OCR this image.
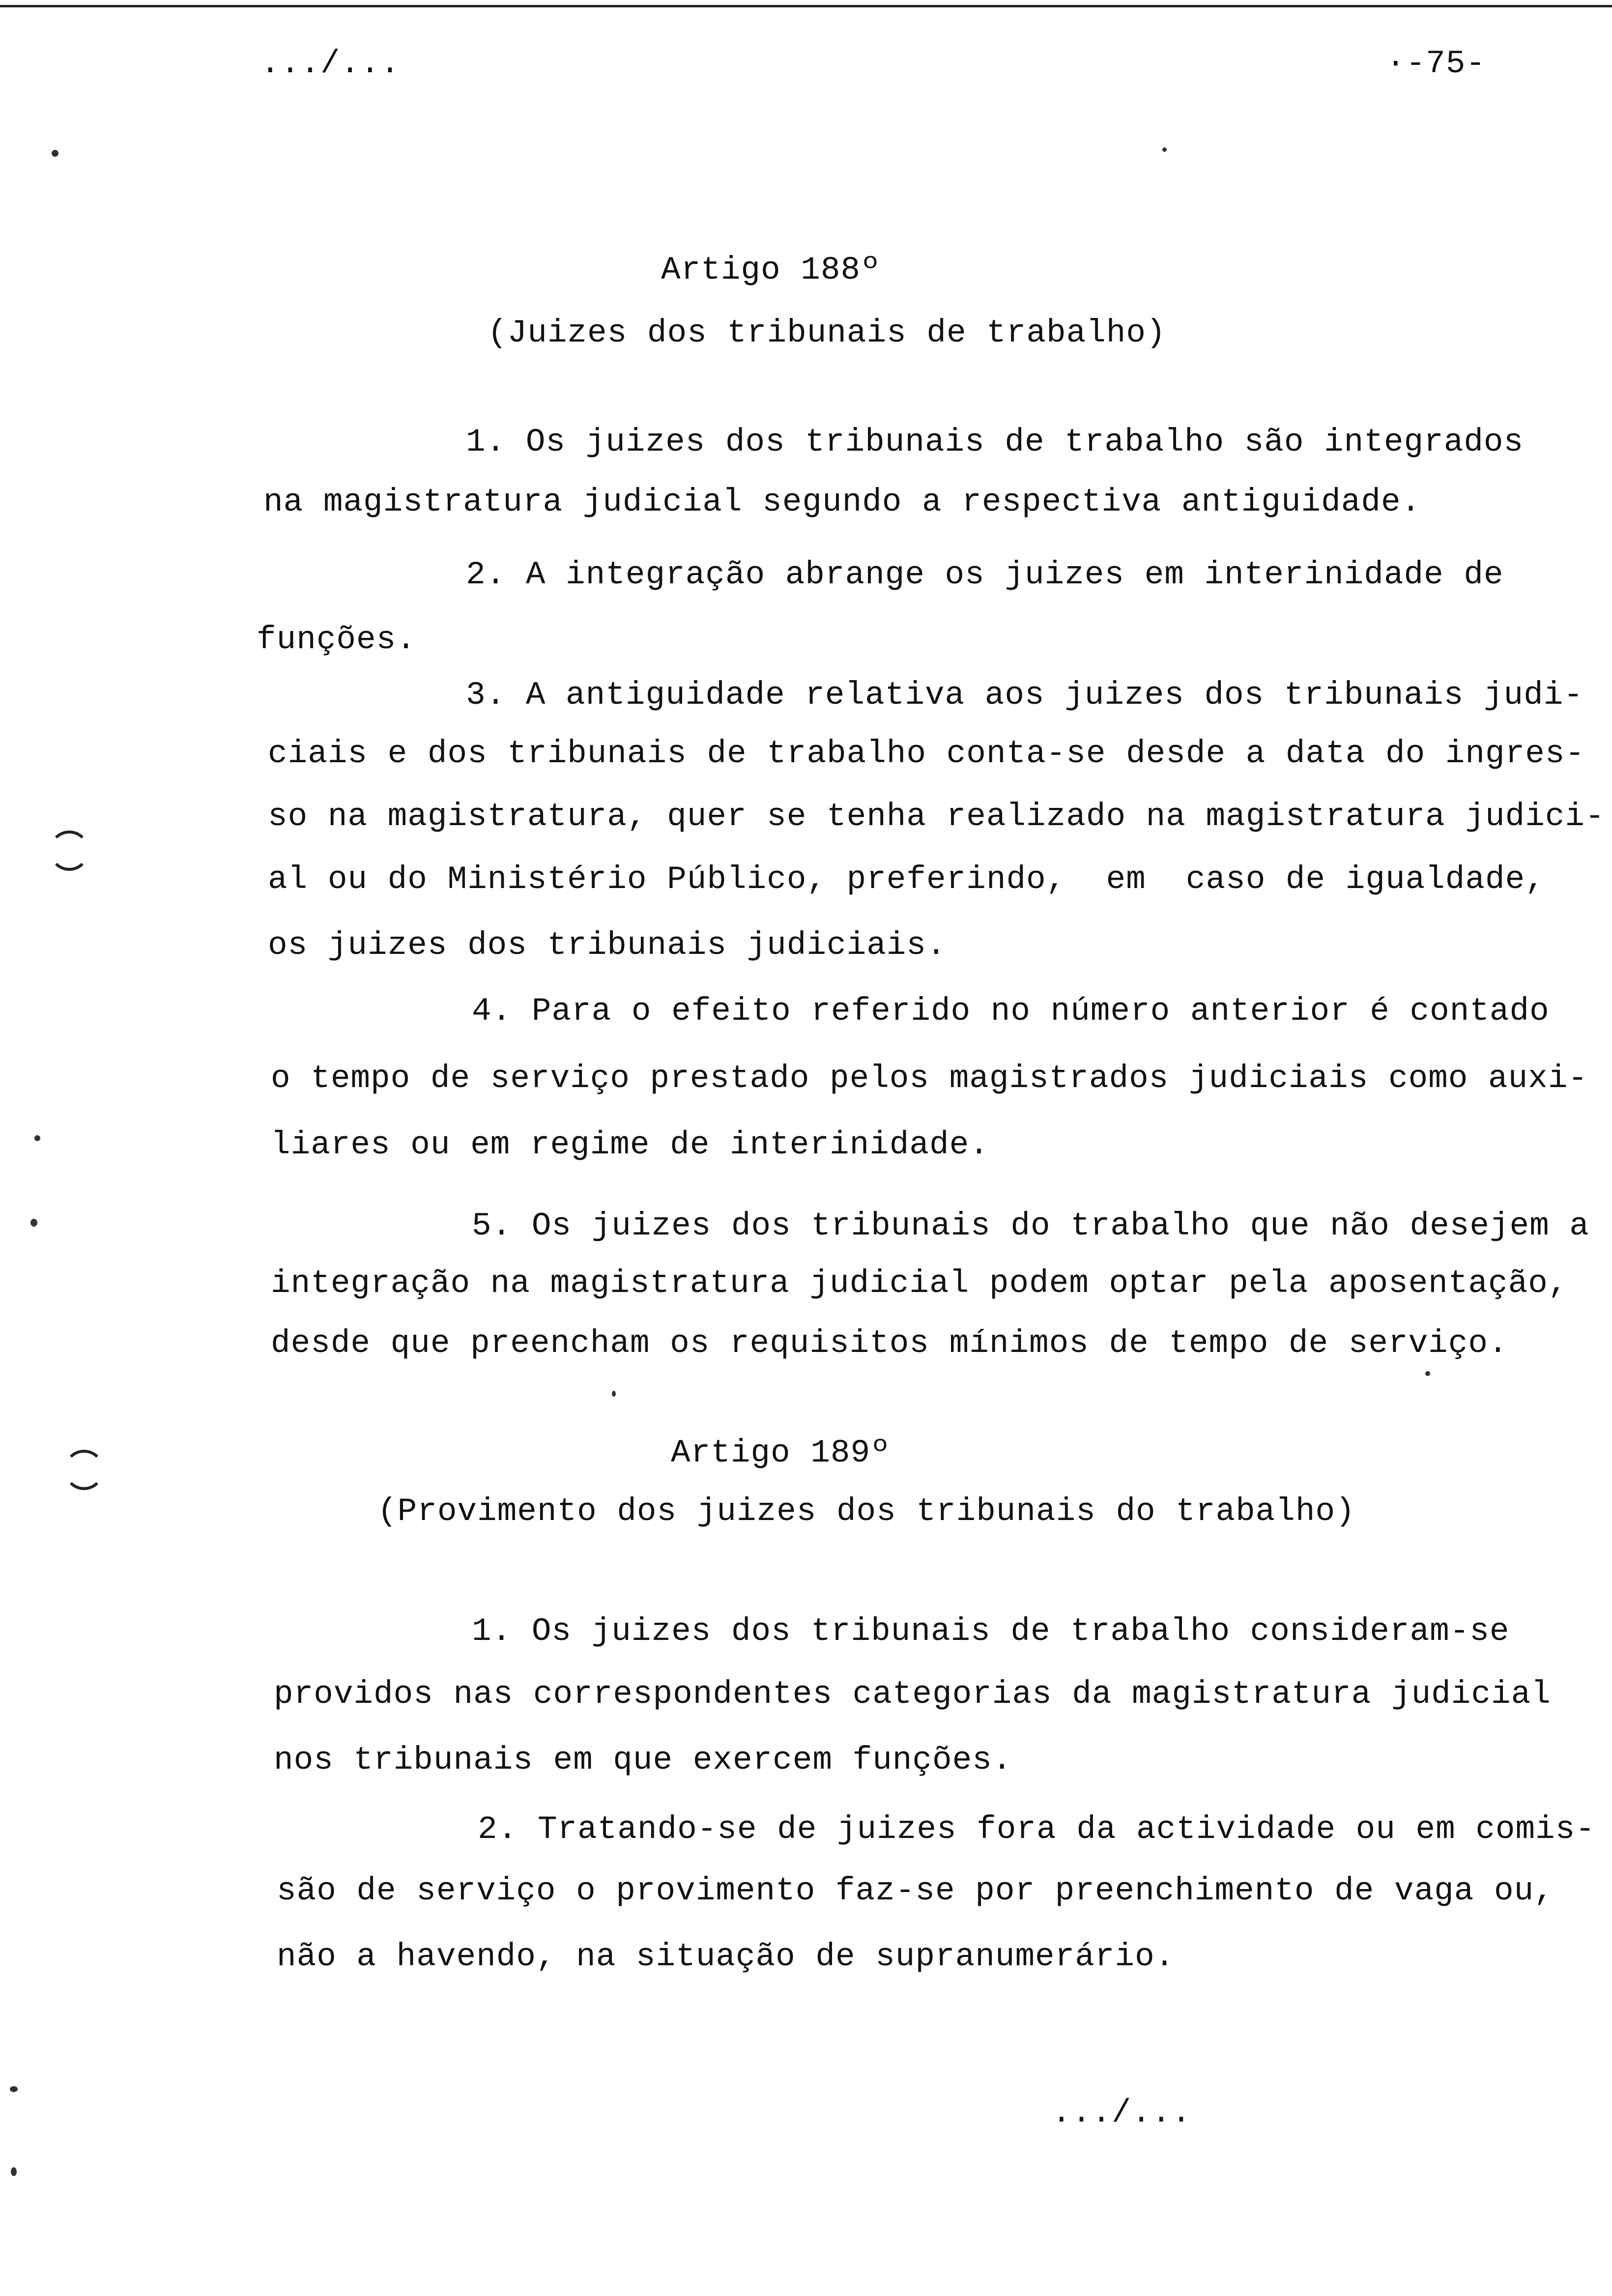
.../...	·-75-
Artigo 188º
(Juizes dos tribunais de trabalho)
1. Os juizes dos tribunais de trabalho são integrados
na magistratura judicial segundo a respectiva antiguidade.
2. A integração abrange os juizes em interinidade de
funções.
3. A antiguidade relativa aos juizes dos tribunais judi-
ciais e dos tribunais de trabalho conta-se desde a data do ingres-
so na magistratura, quer se tenha realizado na magistratura judici-
al ou do Ministério Público, preferindo,  em  caso de igualdade,
os juizes dos tribunais judiciais.
4. Para o efeito referido no número anterior é contado
o tempo de serviço prestado pelos magistrados judiciais como auxi-
liares ou em regime de interinidade.
5. Os juizes dos tribunais do trabalho que não desejem a
integração na magistratura judicial podem optar pela aposentação,
desde que preencham os requisitos mínimos de tempo de serviço.
Artigo 189º
(Provimento dos juizes dos tribunais do trabalho)
1. Os juizes dos tribunais de trabalho consideram-se
providos nas correspondentes categorias da magistratura judicial
nos tribunais em que exercem funções.
2. Tratando-se de juizes fora da actividade ou em comis-
são de serviço o provimento faz-se por preenchimento de vaga ou,
não a havendo, na situação de supranumerário.
.../...
